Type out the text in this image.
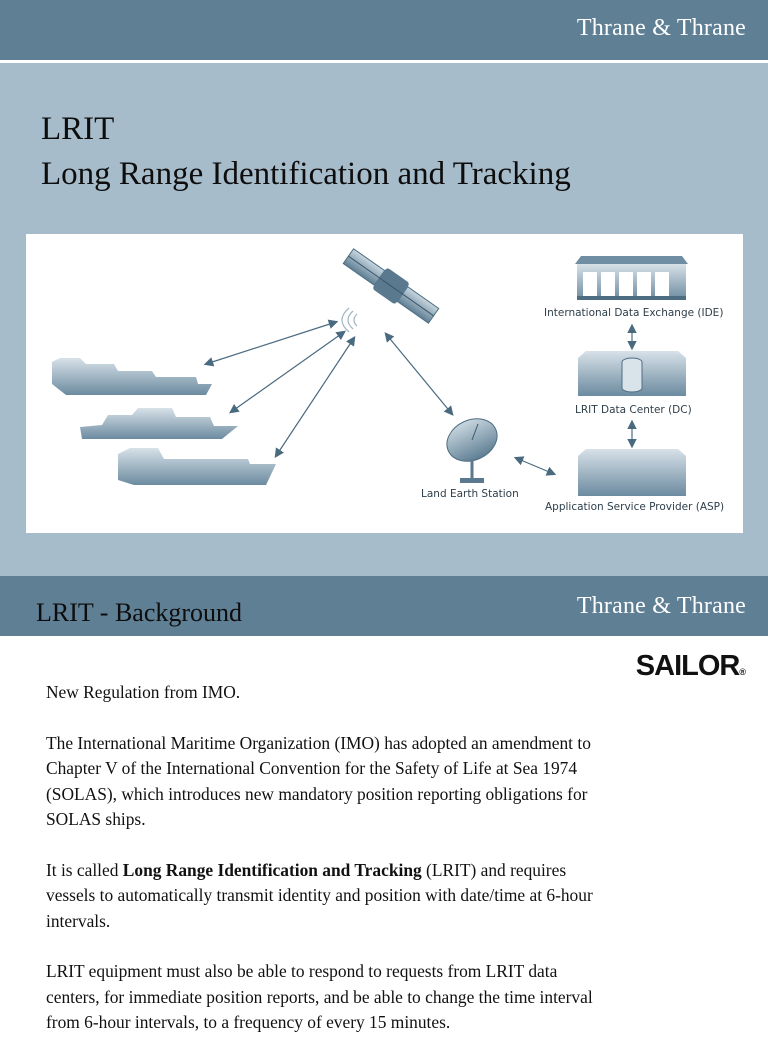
Thrane & Thrane
LRIT
Long Range Identification and Tracking
Land Earth Station
International Data Exchange (IDE)
LRIT Data Center (DC)
Application Service Provider (ASP)
LRIT - Background	Thrane & Thrane
SAILOR®

New Regulation from IMO.

The International Maritime Organization (IMO) has adopted an amendment to Chapter V of the International Convention for the Safety of Life at Sea 1974 (SOLAS), which introduces new mandatory position reporting obligations for SOLAS ships.

It is called Long Range Identification and Tracking (LRIT) and requires vessels to automatically transmit identity and position with date/time at 6-hour intervals.

LRIT equipment must also be able to respond to requests from LRIT data centers, for immediate position reports, and be able to change the time interval from 6-hour intervals, to a frequency of every 15 minutes.
